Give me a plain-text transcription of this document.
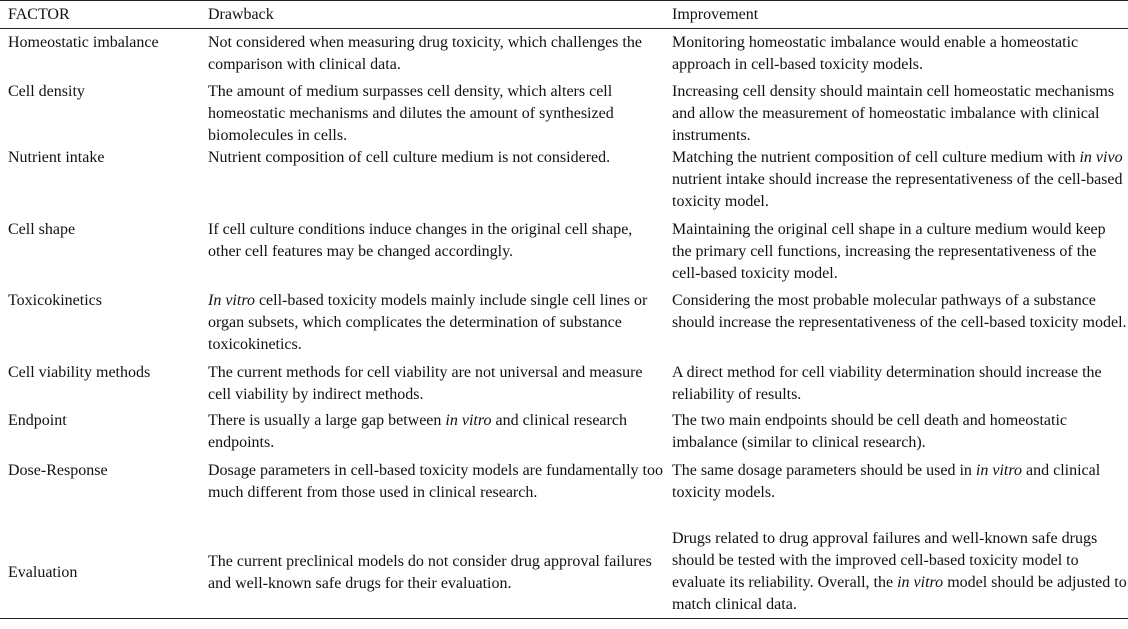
FACTOR	Drawback	Improvement
Homeostatic imbalance	Not considered when measuring drug toxicity, which challenges the comparison with clinical data.	Monitoring homeostatic imbalance would enable a homeostatic approach in cell-based toxicity models.
Cell density	The amount of medium surpasses cell density, which alters cell homeostatic mechanisms and dilutes the amount of synthesized biomolecules in cells.	Increasing cell density should maintain cell homeostatic mechanisms and allow the measurement of homeostatic imbalance with clinical instruments.
Nutrient intake	Nutrient composition of cell culture medium is not considered.	Matching the nutrient composition of cell culture medium with in vivo nutrient intake should increase the representativeness of the cell-based toxicity model.
Cell shape	If cell culture conditions induce changes in the original cell shape, other cell features may be changed accordingly.	Maintaining the original cell shape in a culture medium would keep the primary cell functions, increasing the representativeness of the cell-based toxicity model.
Toxicokinetics	In vitro cell-based toxicity models mainly include single cell lines or organ subsets, which complicates the determination of substance toxicokinetics.	Considering the most probable molecular pathways of a substance should increase the representativeness of the cell-based toxicity model.
Cell viability methods	The current methods for cell viability are not universal and measure cell viability by indirect methods.	A direct method for cell viability determination should increase the reliability of results.
Endpoint	There is usually a large gap between in vitro and clinical research endpoints.	The two main endpoints should be cell death and homeostatic imbalance (similar to clinical research).
Dose-Response	Dosage parameters in cell-based toxicity models are fundamentally too much different from those used in clinical research.	The same dosage parameters should be used in in vitro and clinical toxicity models.
Evaluation	The current preclinical models do not consider drug approval failures and well-known safe drugs for their evaluation.	Drugs related to drug approval failures and well-known safe drugs should be tested with the improved cell-based toxicity model to evaluate its reliability. Overall, the in vitro model should be adjusted to match clinical data.
